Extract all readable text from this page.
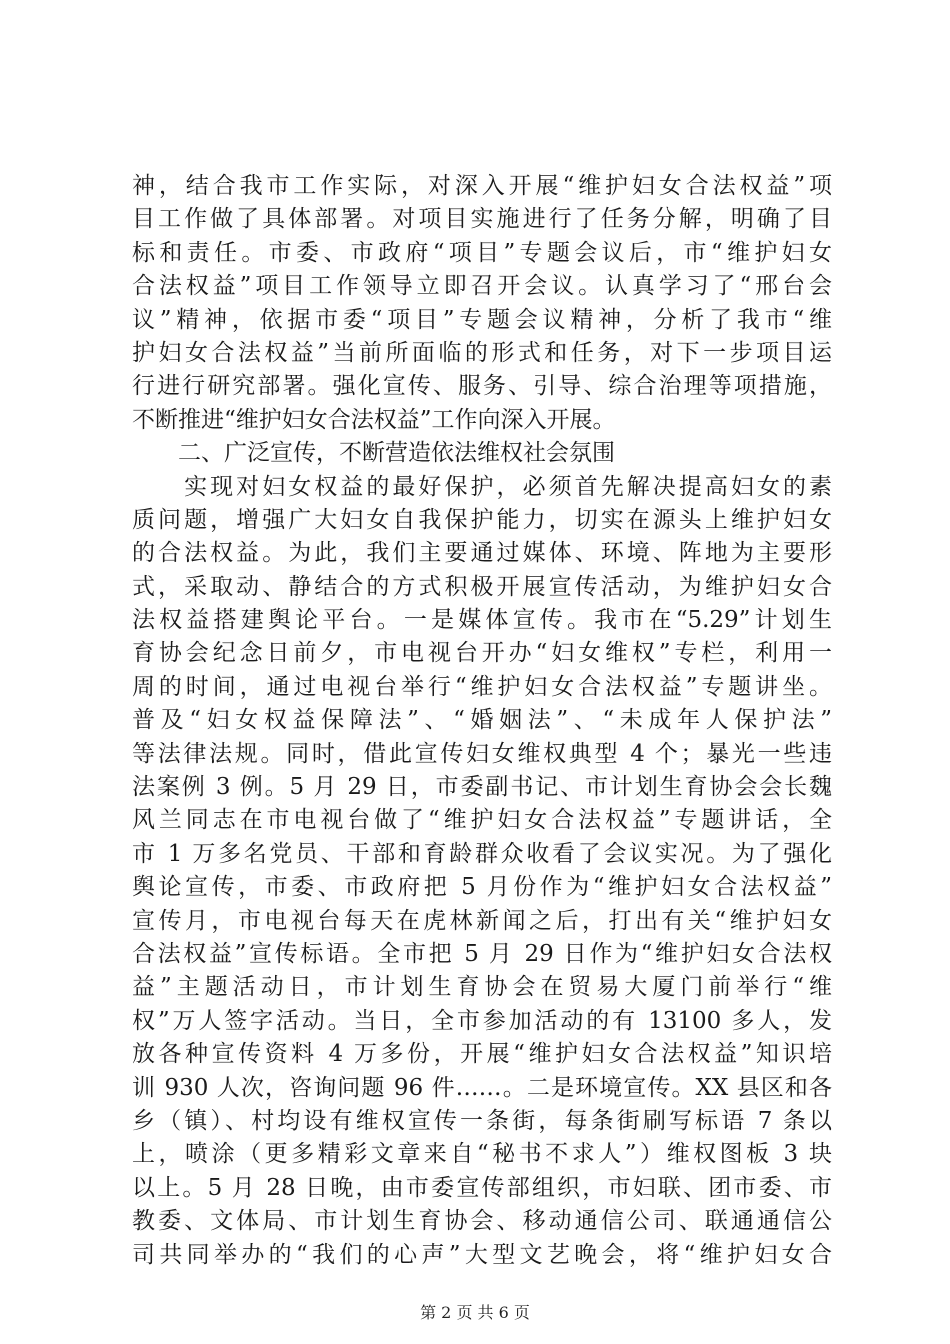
神，结合我市工作实际，对深入开展“维护妇女合法权益”项
目工作做了具体部署。对项目实施进行了任务分解，明确了目
标和责任。市委、市政府“项目”专题会议后，市“维护妇女
合法权益”项目工作领导立即召开会议。认真学习了“邢台会
议”精神，依据市委“项目”专题会议精神，分析了我市“维
护妇女合法权益”当前所面临的形式和任务，对下一步项目运
行进行研究部署。强化宣传、服务、引导、综合治理等项措施，
不断推进“维护妇女合法权益”工作向深入开展。
　　二、广泛宣传，不断营造依法维权社会氛围
　　实现对妇女权益的最好保护，必须首先解决提高妇女的素
质问题，增强广大妇女自我保护能力，切实在源头上维护妇女
的合法权益。为此，我们主要通过媒体、环境、阵地为主要形
式，采取动、静结合的方式积极开展宣传活动，为维护妇女合
法权益搭建舆论平台。一是媒体宣传。我市在“5.29”计划生
育协会纪念日前夕，市电视台开办“妇女维权”专栏，利用一
周的时间，通过电视台举行“维护妇女合法权益”专题讲坐。
普及“妇女权益保障法”、“婚姻法”、“未成年人保护法”
等法律法规。同时，借此宣传妇女维权典型 4 个；暴光一些违
法案例 3 例。5 月 29 日，市委副书记、市计划生育协会会长魏
风兰同志在市电视台做了“维护妇女合法权益”专题讲话，全
市 1 万多名党员、干部和育龄群众收看了会议实况。为了强化
舆论宣传，市委、市政府把 5 月份作为“维护妇女合法权益”
宣传月，市电视台每天在虎林新闻之后，打出有关“维护妇女
合法权益”宣传标语。全市把 5 月 29 日作为“维护妇女合法权
益”主题活动日，市计划生育协会在贸易大厦门前举行“维
权”万人签字活动。当日，全市参加活动的有 13100 多人，发
放各种宣传资料 4 万多份，开展“维护妇女合法权益”知识培
训 930 人次，咨询问题 96 件……。二是环境宣传。XX 县区和各
乡（镇）、村均设有维权宣传一条街，每条街刷写标语 7 条以
上，喷涂（更多精彩文章来自“秘书不求人”）维权图板 3 块
以上。5 月 28 日晚，由市委宣传部组织，市妇联、团市委、市
教委、文体局、市计划生育协会、移动通信公司、联通通信公
司共同举办的“我们的心声”大型文艺晚会，将“维护妇女合
第 2 页 共 6 页
